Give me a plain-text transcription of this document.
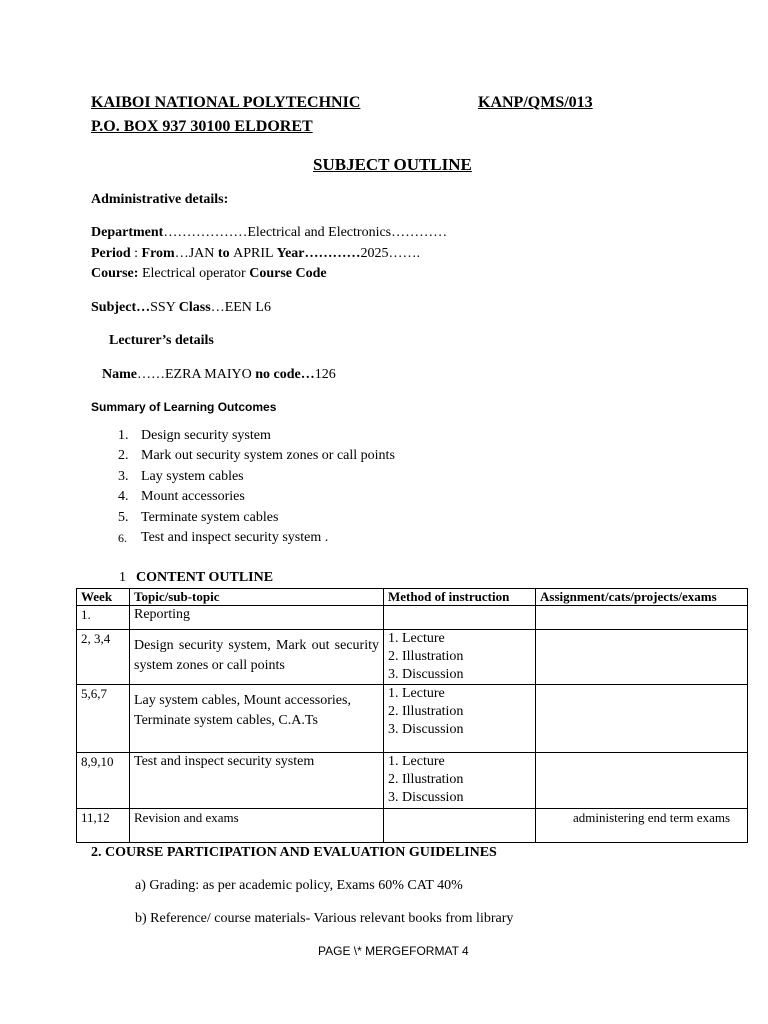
KAIBOI NATIONAL POLYTECHNIC	KANP/QMS/013
P.O. BOX 937 30100 ELDORET
SUBJECT OUTLINE
Administrative details:
Department………………Electrical and Electronics…………
Period : From…JAN to APRIL Year…………2025…….
Course: Electrical operator Course Code
Subject…SSY Class…EEN L6
Lecturer’s details
Name……EZRA MAIYO no code…126
Summary of Learning Outcomes
1. Design security system
2. Mark out security system zones or call points
3. Lay system cables
4. Mount accessories
5. Terminate system cables
6.	Test and inspect security system .
1 CONTENT OUTLINE
Week	Topic/sub-topic	Method of instruction	Assignment/cats/projects/exams
1.	Reporting		
2, 3,4	Design security system, Mark out security system zones or call points	1. Lecture
2. Illustration
3. Discussion	

5,6,7	Lay system cables, Mount accessories, Terminate system cables, C.A.Ts	1. Lecture
2. Illustration
3. Discussion	

8,9,10	Test and inspect security system	1. Lecture
2. Illustration
3. Discussion	

11,12	Revision and exams		administering end term exams
2. COURSE PARTICIPATION AND EVALUATION GUIDELINES
a) Grading: as per academic policy, Exams 60% CAT 40%
b) Reference/ course materials- Various relevant books from library
PAGE \* MERGEFORMAT 4
